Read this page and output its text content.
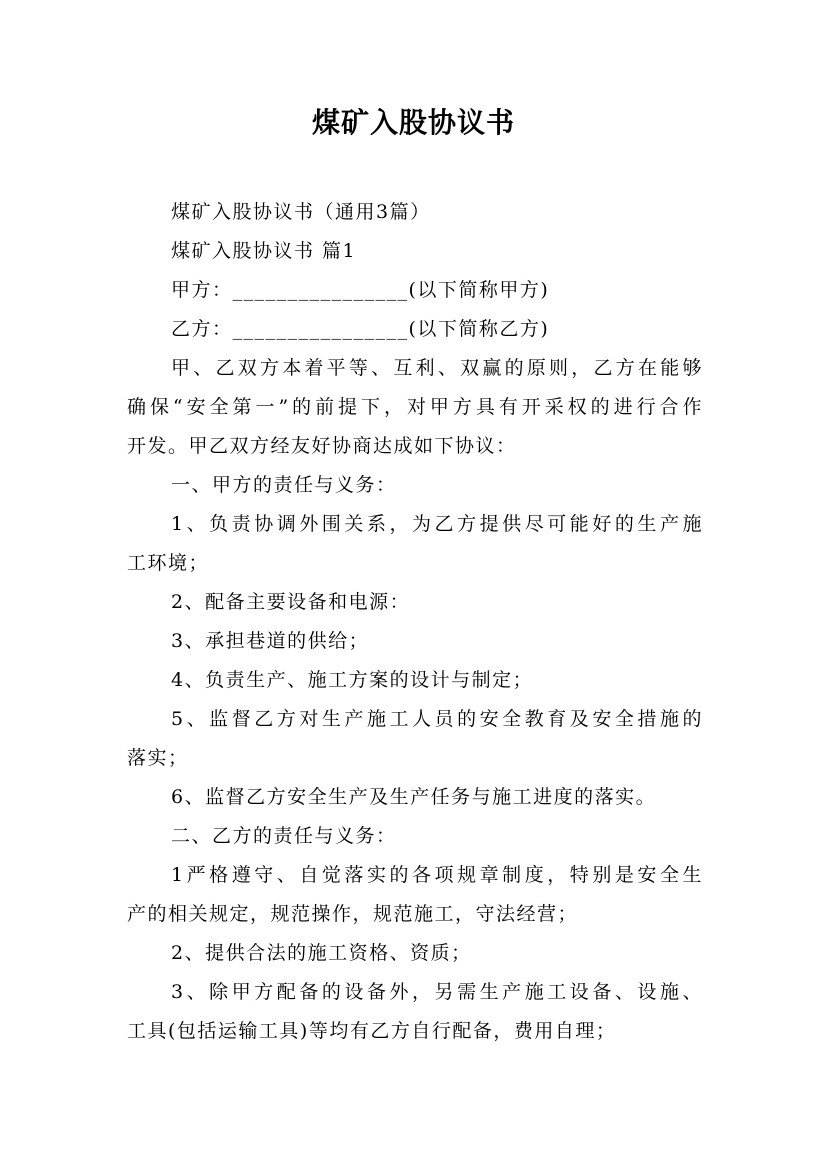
煤矿入股协议书
煤矿入股协议书（通用3篇）
煤矿入股协议书 篇1
甲方：________________(以下简称甲方)
乙方：________________(以下简称乙方)
甲、乙双方本着平等、互利、双赢的原则，乙方在能够
确保“安全第一”的前提下，对甲方具有开采权的进行合作
开发。甲乙双方经友好协商达成如下协议：
一、甲方的责任与义务：
1、负责协调外围关系，为乙方提供尽可能好的生产施
工环境；
2、配备主要设备和电源：
3、承担巷道的供给；
4、负责生产、施工方案的设计与制定；
5、监督乙方对生产施工人员的安全教育及安全措施的
落实；
6、监督乙方安全生产及生产任务与施工进度的落实。
二、乙方的责任与义务：
1严格遵守、自觉落实的各项规章制度，特别是安全生
产的相关规定，规范操作，规范施工，守法经营；
2、提供合法的施工资格、资质；
3、除甲方配备的设备外，另需生产施工设备、设施、
工具(包括运输工具)等均有乙方自行配备，费用自理；
